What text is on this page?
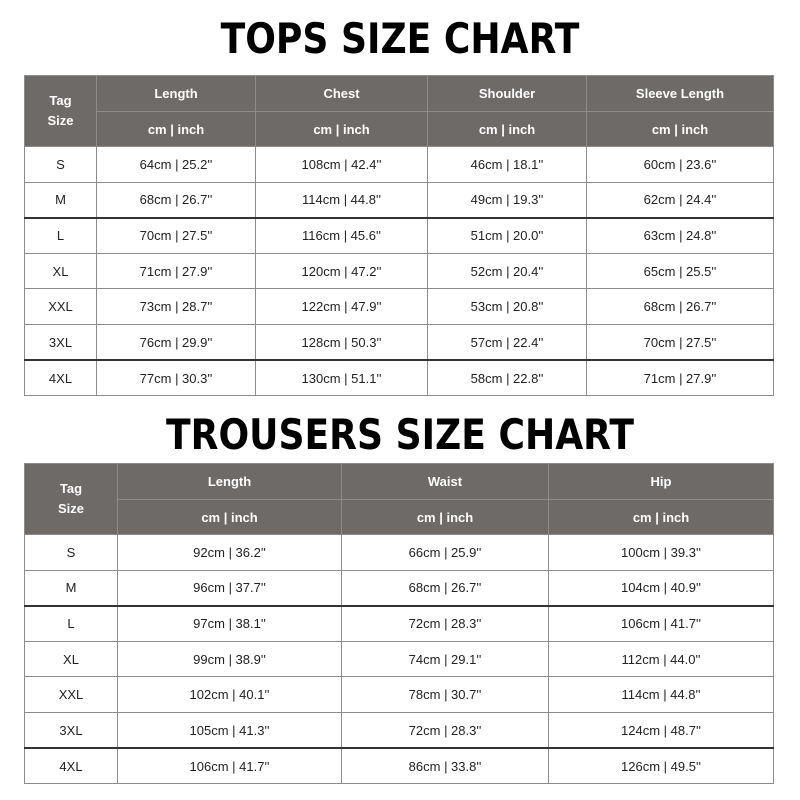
TOPS SIZE CHART
Tag Size	Length	Chest	Shoulder	Sleeve Length
	cm | inch	cm | inch	cm | inch	cm | inch
S	64cm | 25.2''	108cm | 42.4''	46cm | 18.1''	60cm | 23.6''
M	68cm | 26.7''	114cm | 44.8''	49cm | 19.3''	62cm | 24.4''
L	70cm | 27.5''	116cm | 45.6''	51cm | 20.0''	63cm | 24.8''
XL	71cm | 27.9''	120cm | 47.2''	52cm | 20.4''	65cm | 25.5''
XXL	73cm | 28.7''	122cm | 47.9''	53cm | 20.8''	68cm | 26.7''
3XL	76cm | 29.9''	128cm | 50.3''	57cm | 22.4''	70cm | 27.5''
4XL	77cm | 30.3''	130cm | 51.1''	58cm | 22.8''	71cm | 27.9''
TROUSERS SIZE CHART
Tag Size	Length	Waist	Hip
	cm | inch	cm | inch	cm | inch
S	92cm | 36.2''	66cm | 25.9''	100cm | 39.3''
M	96cm | 37.7''	68cm | 26.7''	104cm | 40.9''
L	97cm | 38.1''	72cm | 28.3''	106cm | 41.7''
XL	99cm | 38.9''	74cm | 29.1''	112cm | 44.0''
XXL	102cm | 40.1''	78cm | 30.7''	114cm | 44.8''
3XL	105cm | 41.3''	72cm | 28.3''	124cm | 48.7''
4XL	106cm | 41.7''	86cm | 33.8''	126cm | 49.5''
